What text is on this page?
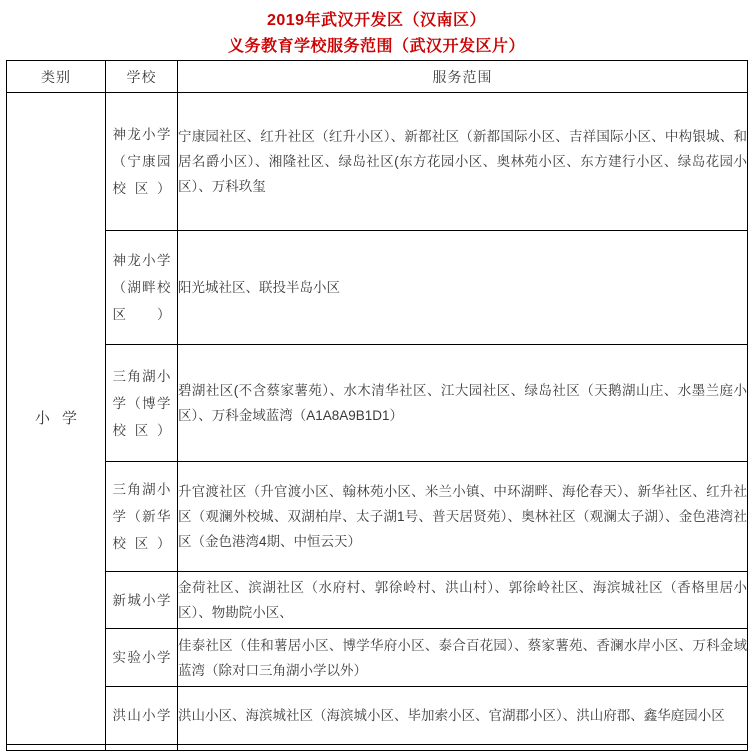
2019年武汉开发区（汉南区）
义务教育学校服务范围（武汉开发区片）
类别	学校	服务范围

小 学	神龙小学（宁康园校区）	宁康园社区、红升社区（红升小区）、新都社区（新都国际小区、吉祥国际小区、中构银城、和居名爵小区）、湘隆社区、绿岛社区(东方花园小区、奥林苑小区、东方建行小区、绿岛花园小区）、万科玖玺

	神龙小学（湖畔校区）	阳光城社区、联投半岛小区

	三角湖小学（博学校区）	碧湖社区(不含蔡家薯苑）、水木清华社区、江大园社区、绿岛社区（天鹅湖山庄、水墨兰庭小区）、万科金域蓝湾（A1A8A9B1D1）

	三角湖小学（新华校区）	升官渡社区（升官渡小区、翰林苑小区、米兰小镇、中环湖畔、海伦春天）、新华社区、红升社区（观澜外校城、双湖柏岸、太子湖1号、普天居贤苑）、奥林社区（观澜太子湖）、金色港湾社区（金色港湾4期、中恒云天）

	新城小学	金荷社区、滨湖社区（水府村、郭徐岭村、洪山村）、郭徐岭社区、海滨城社区（香格里居小区）、物勘院小区、

	实验小学	佳泰社区（佳和薯居小区、博学华府小区、泰合百花园）、蔡家薯苑、香澜水岸小区、万科金域蓝湾（除对口三角湖小学以外）

	洪山小学	洪山小区、海滨城社区（海滨城小区、毕加索小区、官湖郡小区）、洪山府郡、鑫华庭园小区
